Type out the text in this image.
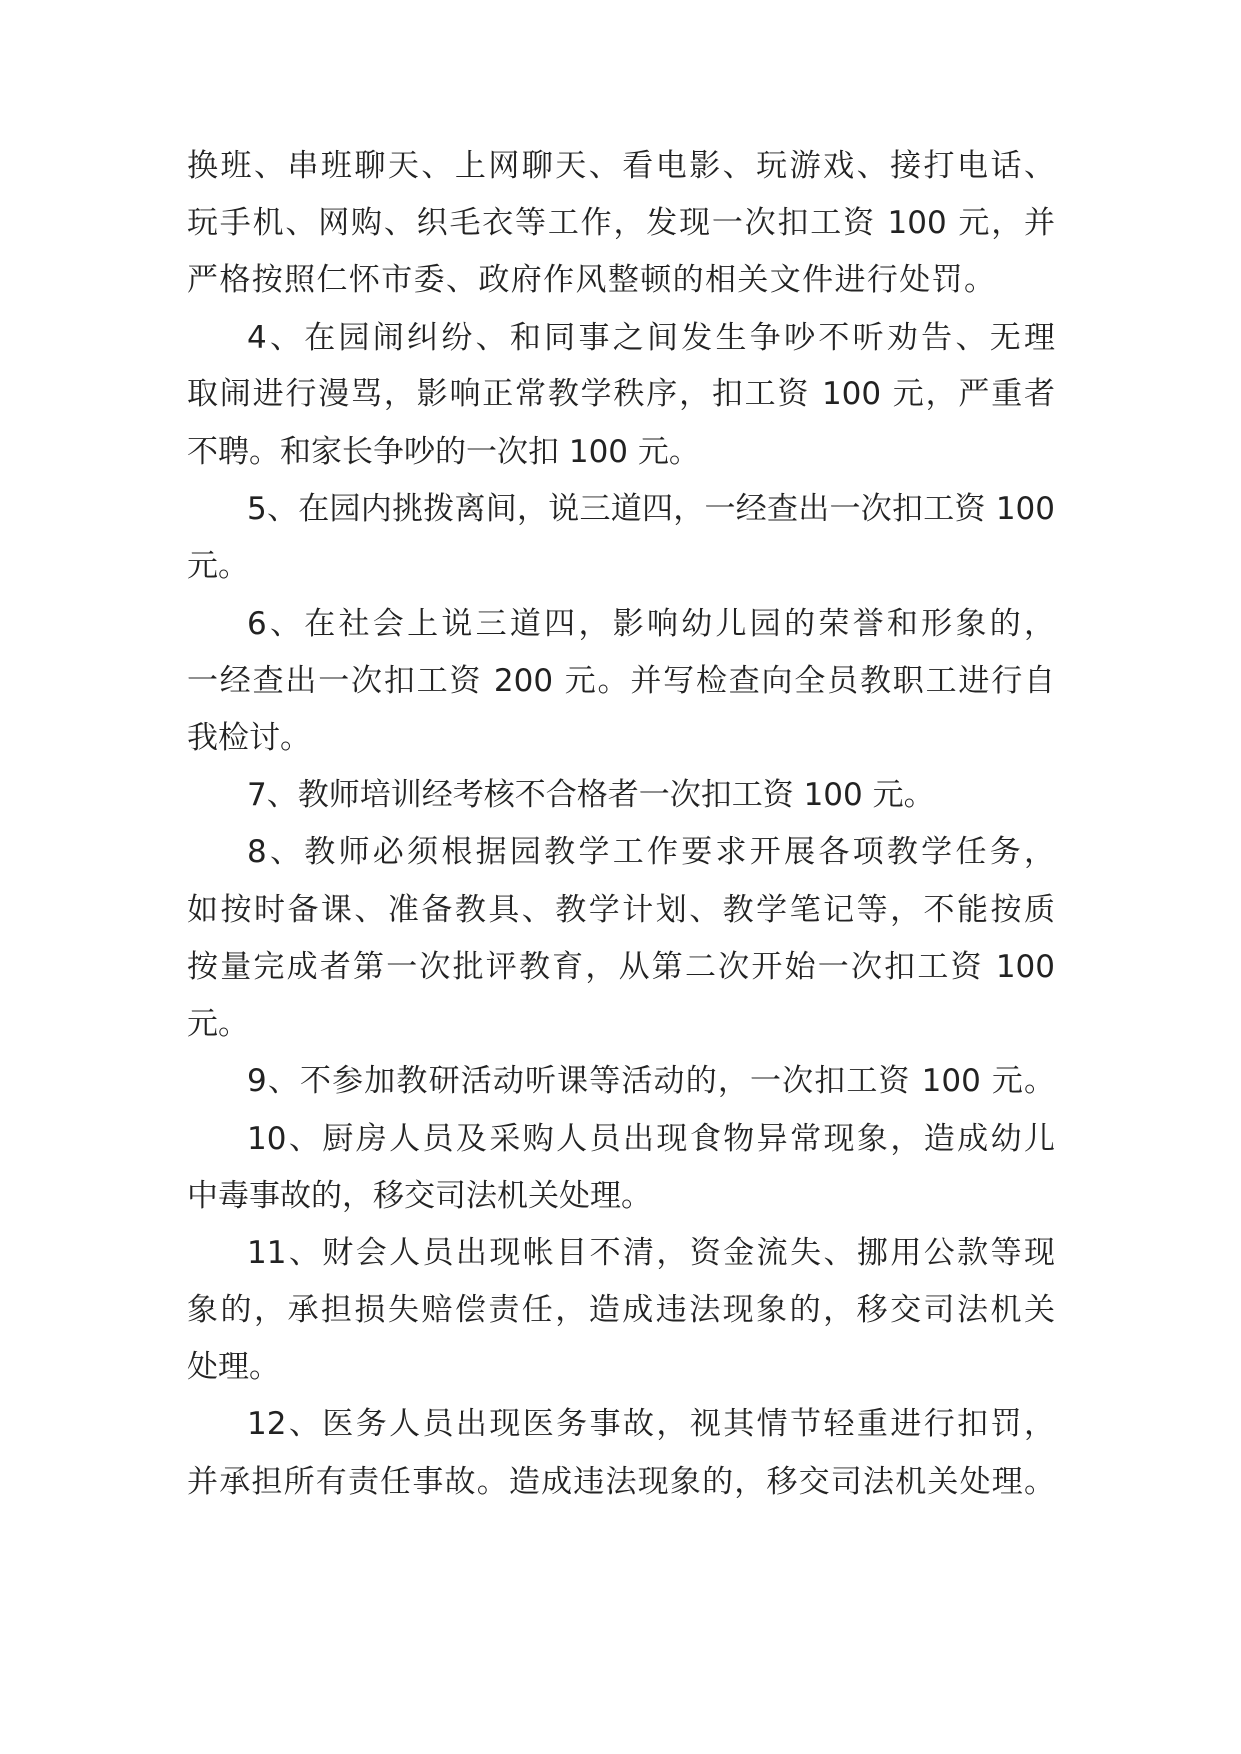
换班、串班聊天、上网聊天、看电影、玩游戏、接打电话、
玩手机、网购、织毛衣等工作，发现一次扣工资 100 元，并
严格按照仁怀市委、政府作风整顿的相关文件进行处罚。
4、在园闹纠纷、和同事之间发生争吵不听劝告、无理
取闹进行漫骂，影响正常教学秩序，扣工资 100 元，严重者
不聘。和家长争吵的一次扣 100 元。
5、在园内挑拨离间，说三道四，一经查出一次扣工资 100
元。
6、在社会上说三道四，影响幼儿园的荣誉和形象的，
一经查出一次扣工资 200 元。并写检查向全员教职工进行自
我检讨。
7、教师培训经考核不合格者一次扣工资 100 元。
8、教师必须根据园教学工作要求开展各项教学任务，
如按时备课、准备教具、教学计划、教学笔记等，不能按质
按量完成者第一次批评教育，从第二次开始一次扣工资 100
元。
9、不参加教研活动听课等活动的，一次扣工资 100 元。
10、厨房人员及采购人员出现食物异常现象，造成幼儿
中毒事故的，移交司法机关处理。
11、财会人员出现帐目不清，资金流失、挪用公款等现
象的，承担损失赔偿责任，造成违法现象的，移交司法机关
处理。
12、医务人员出现医务事故，视其情节轻重进行扣罚，
并承担所有责任事故。造成违法现象的，移交司法机关处理。
